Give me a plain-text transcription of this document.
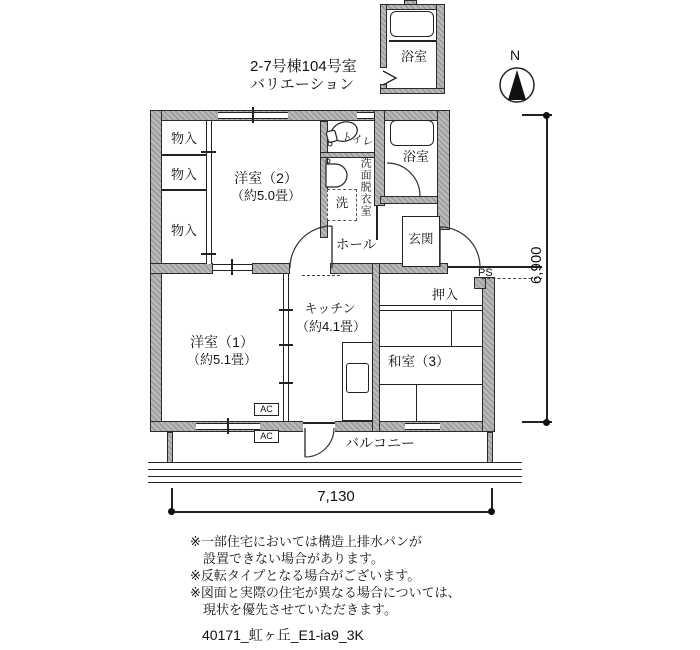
2-7号棟104号室
バリエーション
浴室	N
AC
AC
物入
物入
物入
洋室（2）
（約5.0畳）
トイレ
洗面脱衣室
洗
浴室
ホール	玄関
PS
押入
キッチン
（約4.1畳）
洋室（1）
（約5.1畳）	和室（3）
バルコニー
6,900
7,130
※一部住宅においては構造上排水パンが
　設置できない場合があります。
※反転タイプとなる場合がございます。
※図面と実際の住宅が異なる場合については、
　現状を優先させていただきます。
40171_虹ヶ丘_E1-ia9_3K
